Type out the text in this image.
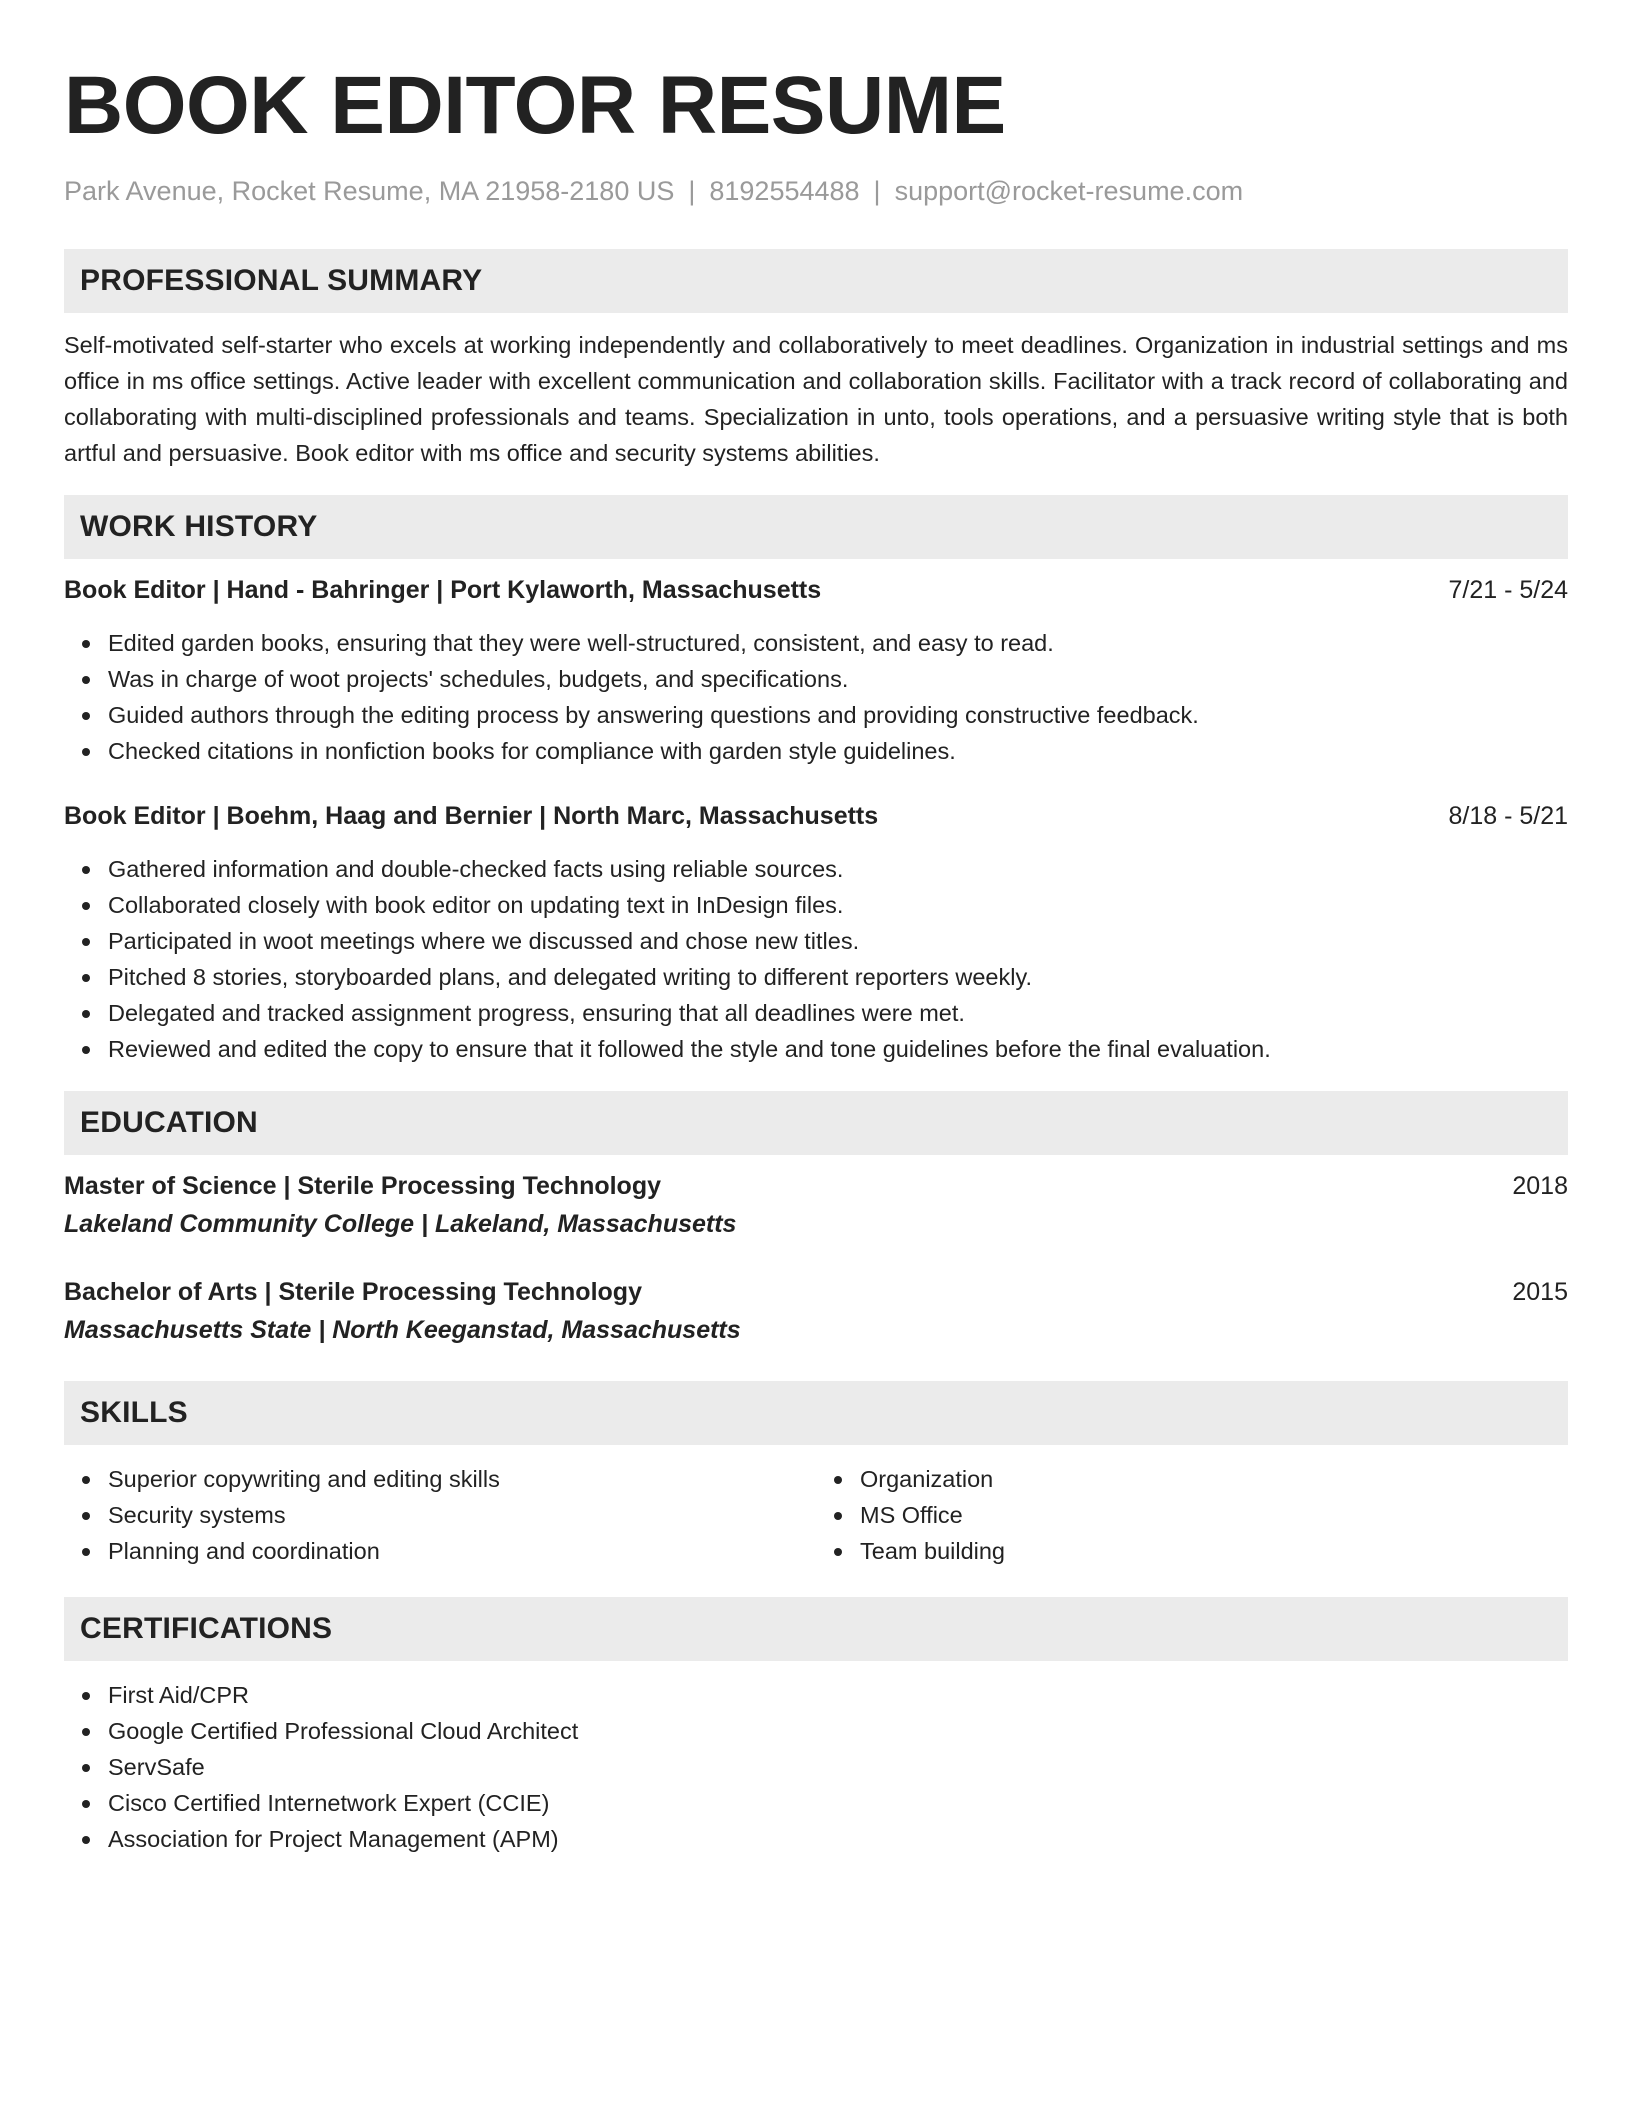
BOOK EDITOR RESUME
Park Avenue, Rocket Resume, MA 21958-2180 US | 8192554488 | support@rocket-resume.com
PROFESSIONAL SUMMARY
Self-motivated self-starter who excels at working independently and collaboratively to meet deadlines. Organization in industrial settings and ms office in ms office settings. Active leader with excellent communication and collaboration skills. Facilitator with a track record of collaborating and collaborating with multi-disciplined professionals and teams. Specialization in unto, tools operations, and a persuasive writing style that is both artful and persuasive. Book editor with ms office and security systems abilities.
WORK HISTORY
Book Editor | Hand - Bahringer | Port Kylaworth, Massachusetts	7/21 - 5/24
Edited garden books, ensuring that they were well-structured, consistent, and easy to read.
Was in charge of woot projects' schedules, budgets, and specifications.
Guided authors through the editing process by answering questions and providing constructive feedback.
Checked citations in nonfiction books for compliance with garden style guidelines.
Book Editor | Boehm, Haag and Bernier | North Marc, Massachusetts	8/18 - 5/21
Gathered information and double-checked facts using reliable sources.
Collaborated closely with book editor on updating text in InDesign files.
Participated in woot meetings where we discussed and chose new titles.
Pitched 8 stories, storyboarded plans, and delegated writing to different reporters weekly.
Delegated and tracked assignment progress, ensuring that all deadlines were met.
Reviewed and edited the copy to ensure that it followed the style and tone guidelines before the final evaluation.
EDUCATION
Master of Science | Sterile Processing Technology	2018
Lakeland Community College | Lakeland, Massachusetts
Bachelor of Arts | Sterile Processing Technology	2015
Massachusetts State | North Keeganstad, Massachusetts
SKILLS
Superior copywriting and editing skills
Security systems
Planning and coordination
Organization
MS Office
Team building
CERTIFICATIONS
First Aid/CPR
Google Certified Professional Cloud Architect
ServSafe
Cisco Certified Internetwork Expert (CCIE)
Association for Project Management (APM)
